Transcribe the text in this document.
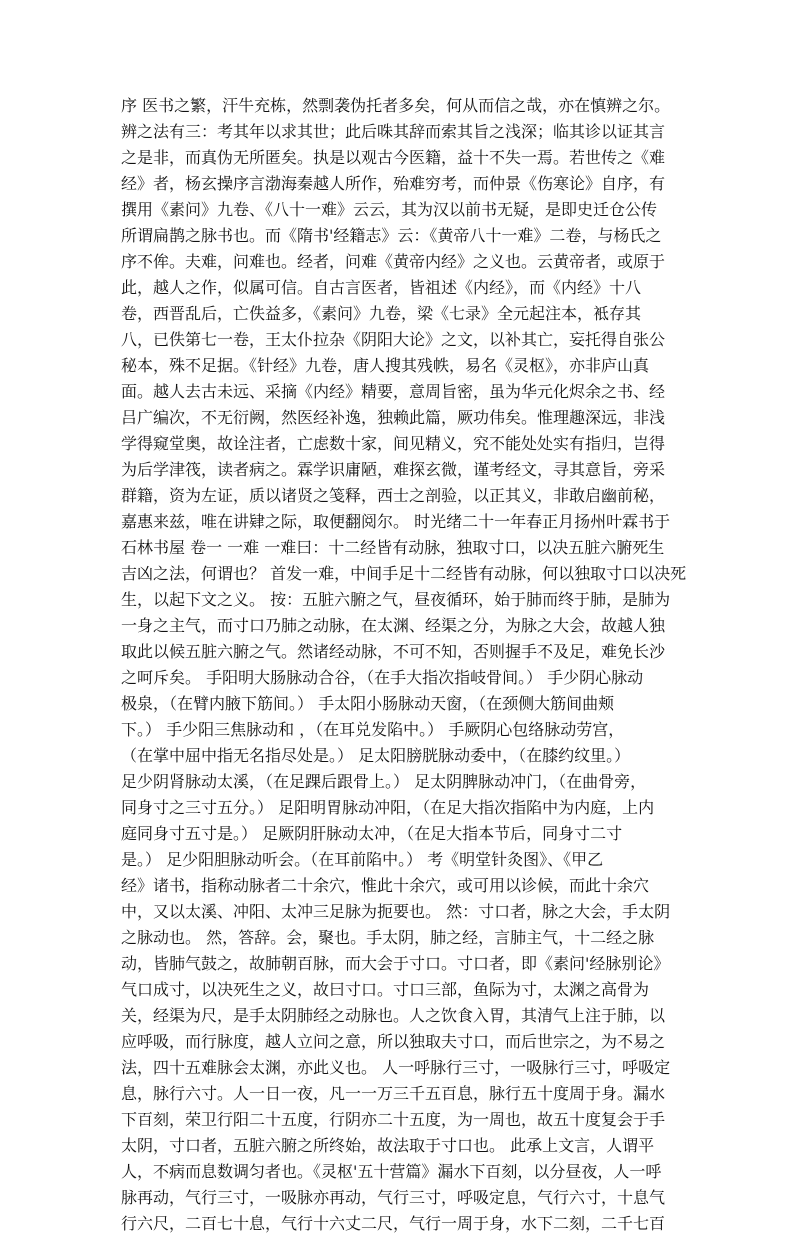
序 医书之繁，汗牛充栋，然剽袭伪托者多矣，何从而信之哉，亦在慎辨之尔。
辨之法有三：考其年以求其世；此后咮其辞而索其旨之浅深；临其诊以证其言
之是非，而真伪无所匿矣。执是以观古今医籍，益十不失一焉。若世传之《难
经》者，杨玄操序言渤海秦越人所作，殆难穷考，而仲景《伤寒论》自序，有
撰用《素问》九卷、《八十一难》云云，其为汉以前书无疑，是即史迁仓公传
所谓扁鹊之脉书也。而《隋书'经籍志》云：《黄帝八十一难》二卷，与杨氏之
序不侔。夫难，问难也。经者，问难《黄帝内经》之义也。云黄帝者，或原于
此，越人之作，似属可信。自古言医者，皆祖述《内经》，而《内经》十八
卷，西晋乱后，亡佚益多，《素问》九卷，梁《七录》全元起注本，袛存其
八，已佚第七一卷，王太仆拉杂《阴阳大论》之文，以补其亡，妄托得自张公
秘本，殊不足据。《针经》九卷，唐人搜其残帙，易名《灵枢》，亦非庐山真
面。越人去古未远、采摘《内经》精要，意周旨密，虽为华元化烬余之书、经
吕广编次，不无衍阙，然医经补逸，独赖此篇，厥功伟矣。惟理趣深远，非浅
学得窥堂奥，故诠注者，亡虑数十家，间见精义，究不能处处实有指归，岂得
为后学津筏，读者病之。霖学识庸陋，难探玄微，谨考经文，寻其意旨，旁采
群籍，资为左证，质以诸贤之笺释，西士之剖验，以正其义，非敢启幽前秘，
嘉惠来兹，唯在讲肄之际，取便翻阅尔。 时光绪二十一年春正月扬州叶霖书于
石林书屋 卷一 一难 一难曰：十二经皆有动脉，独取寸口，以决五脏六腑死生
吉凶之法，何谓也？ 首发一难，中间手足十二经皆有动脉，何以独取寸口以决死
生，以起下文之义。 按：五脏六腑之气，昼夜循环，始于肺而终于肺，是肺为
一身之主气，而寸口乃肺之动脉，在太渊、经渠之分，为脉之大会，故越人独
取此以候五脏六腑之气。然诸经动脉，不可不知，否则握手不及足，难免长沙
之呵斥矣。 手阳明大肠脉动合谷，（在手大指次指岐骨间。） 手少阴心脉动
极泉，（在臂内腋下筋间。） 手太阳小肠脉动天窗，（在颈侧大筋间曲颊
下。） 手少阳三焦脉动和 ，（在耳兑发陷中。） 手厥阴心包络脉动劳宫，
（在掌中屈中指无名指尽处是。） 足太阳膀胱脉动委中，（在膝约纹里。）
足少阴肾脉动太溪，（在足踝后跟骨上。） 足太阴脾脉动冲门，（在曲骨旁，
同身寸之三寸五分。） 足阳明胃脉动冲阳，（在足大指次指陷中为内庭，上内
庭同身寸五寸是。） 足厥阴肝脉动太冲，（在足大指本节后，同身寸二寸
是。） 足少阳胆脉动听会。（在耳前陷中。） 考《明堂针灸图》、《甲乙
经》诸书，指称动脉者二十余穴，惟此十余穴，或可用以诊候，而此十余穴
中，又以太溪、冲阳、太冲三足脉为扼要也。 然：寸口者，脉之大会，手太阴
之脉动也。 然，答辞。会，聚也。手太阴，肺之经，言肺主气，十二经之脉
动，皆肺气鼓之，故肺朝百脉，而大会于寸口。寸口者，即《素问'经脉别论》
气口成寸，以决死生之义，故曰寸口。寸口三部，鱼际为寸，太渊之高骨为
关，经渠为尺，是手太阴肺经之动脉也。人之饮食入胃，其清气上注于肺，以
应呼吸，而行脉度，越人立问之意，所以独取夫寸口，而后世宗之，为不易之
法，四十五难脉会太渊，亦此义也。 人一呼脉行三寸，一吸脉行三寸，呼吸定
息，脉行六寸。人一日一夜，凡一一万三千五百息，脉行五十度周于身。漏水
下百刻，荣卫行阳二十五度，行阴亦二十五度，为一周也，故五十度复会于手
太阴，寸口者，五脏六腑之所终始，故法取于寸口也。 此承上文言，人谓平
人，不病而息数调匀者也。《灵枢'五十营篇》漏水下百刻，以分昼夜，人一呼
脉再动，气行三寸，一吸脉亦再动，气行三寸，呼吸定息，气行六寸，十息气
行六尺，二百七十息，气行十六丈二尺，气行一周于身，水下二刻，二千七百
